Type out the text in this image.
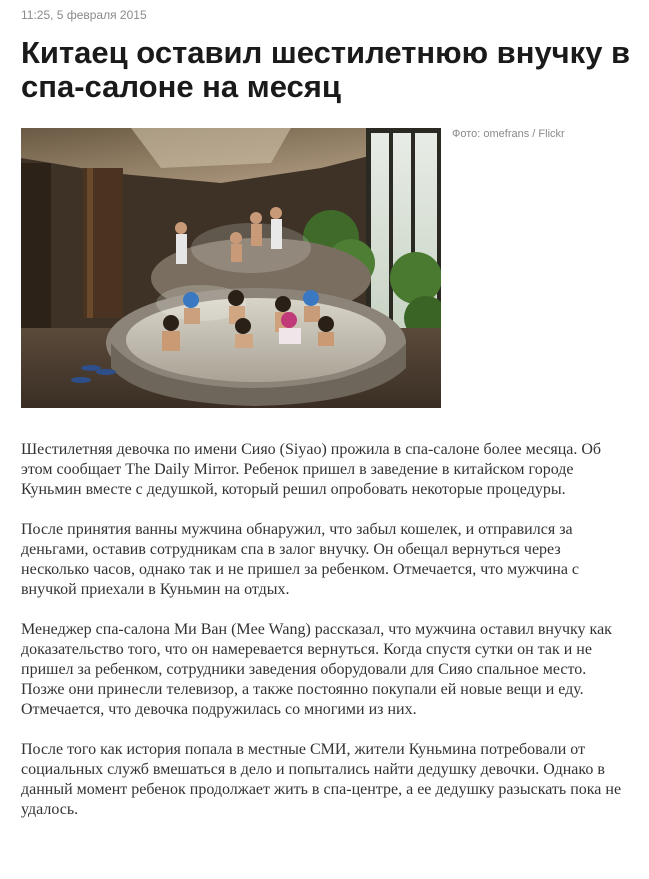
11:25, 5 февраля 2015
Китаец оставил шестилетнюю внучку в спа-салоне на месяц
Фото: omefrans / Flickr

Шестилетняя девочка по имени Сияо (Siyao) прожила в спа-салоне более месяца. Об этом сообщает The Daily Mirror. Ребенок пришел в заведение в китайском городе Куньмин вместе с дедушкой, который решил опробовать некоторые процедуры.

После принятия ванны мужчина обнаружил, что забыл кошелек, и отправился за деньгами, оставив сотрудникам спа в залог внучку. Он обещал вернуться через несколько часов, однако так и не пришел за ребенком. Отмечается, что мужчина с внучкой приехали в Куньмин на отдых.

Менеджер спа-салона Ми Ван (Mee Wang) рассказал, что мужчина оставил внучку как доказательство того, что он намеревается вернуться. Когда спустя сутки он так и не пришел за ребенком, сотрудники заведения оборудовали для Сияо спальное место. Позже они принесли телевизор, а также постоянно покупали ей новые вещи и еду. Отмечается, что девочка подружилась со многими из них.

После того как история попала в местные СМИ, жители Куньмина потребовали от социальных служб вмешаться в дело и попытались найти дедушку девочки. Однако в данный момент ребенок продолжает жить в спа-центре, а ее дедушку разыскать пока не удалось.
